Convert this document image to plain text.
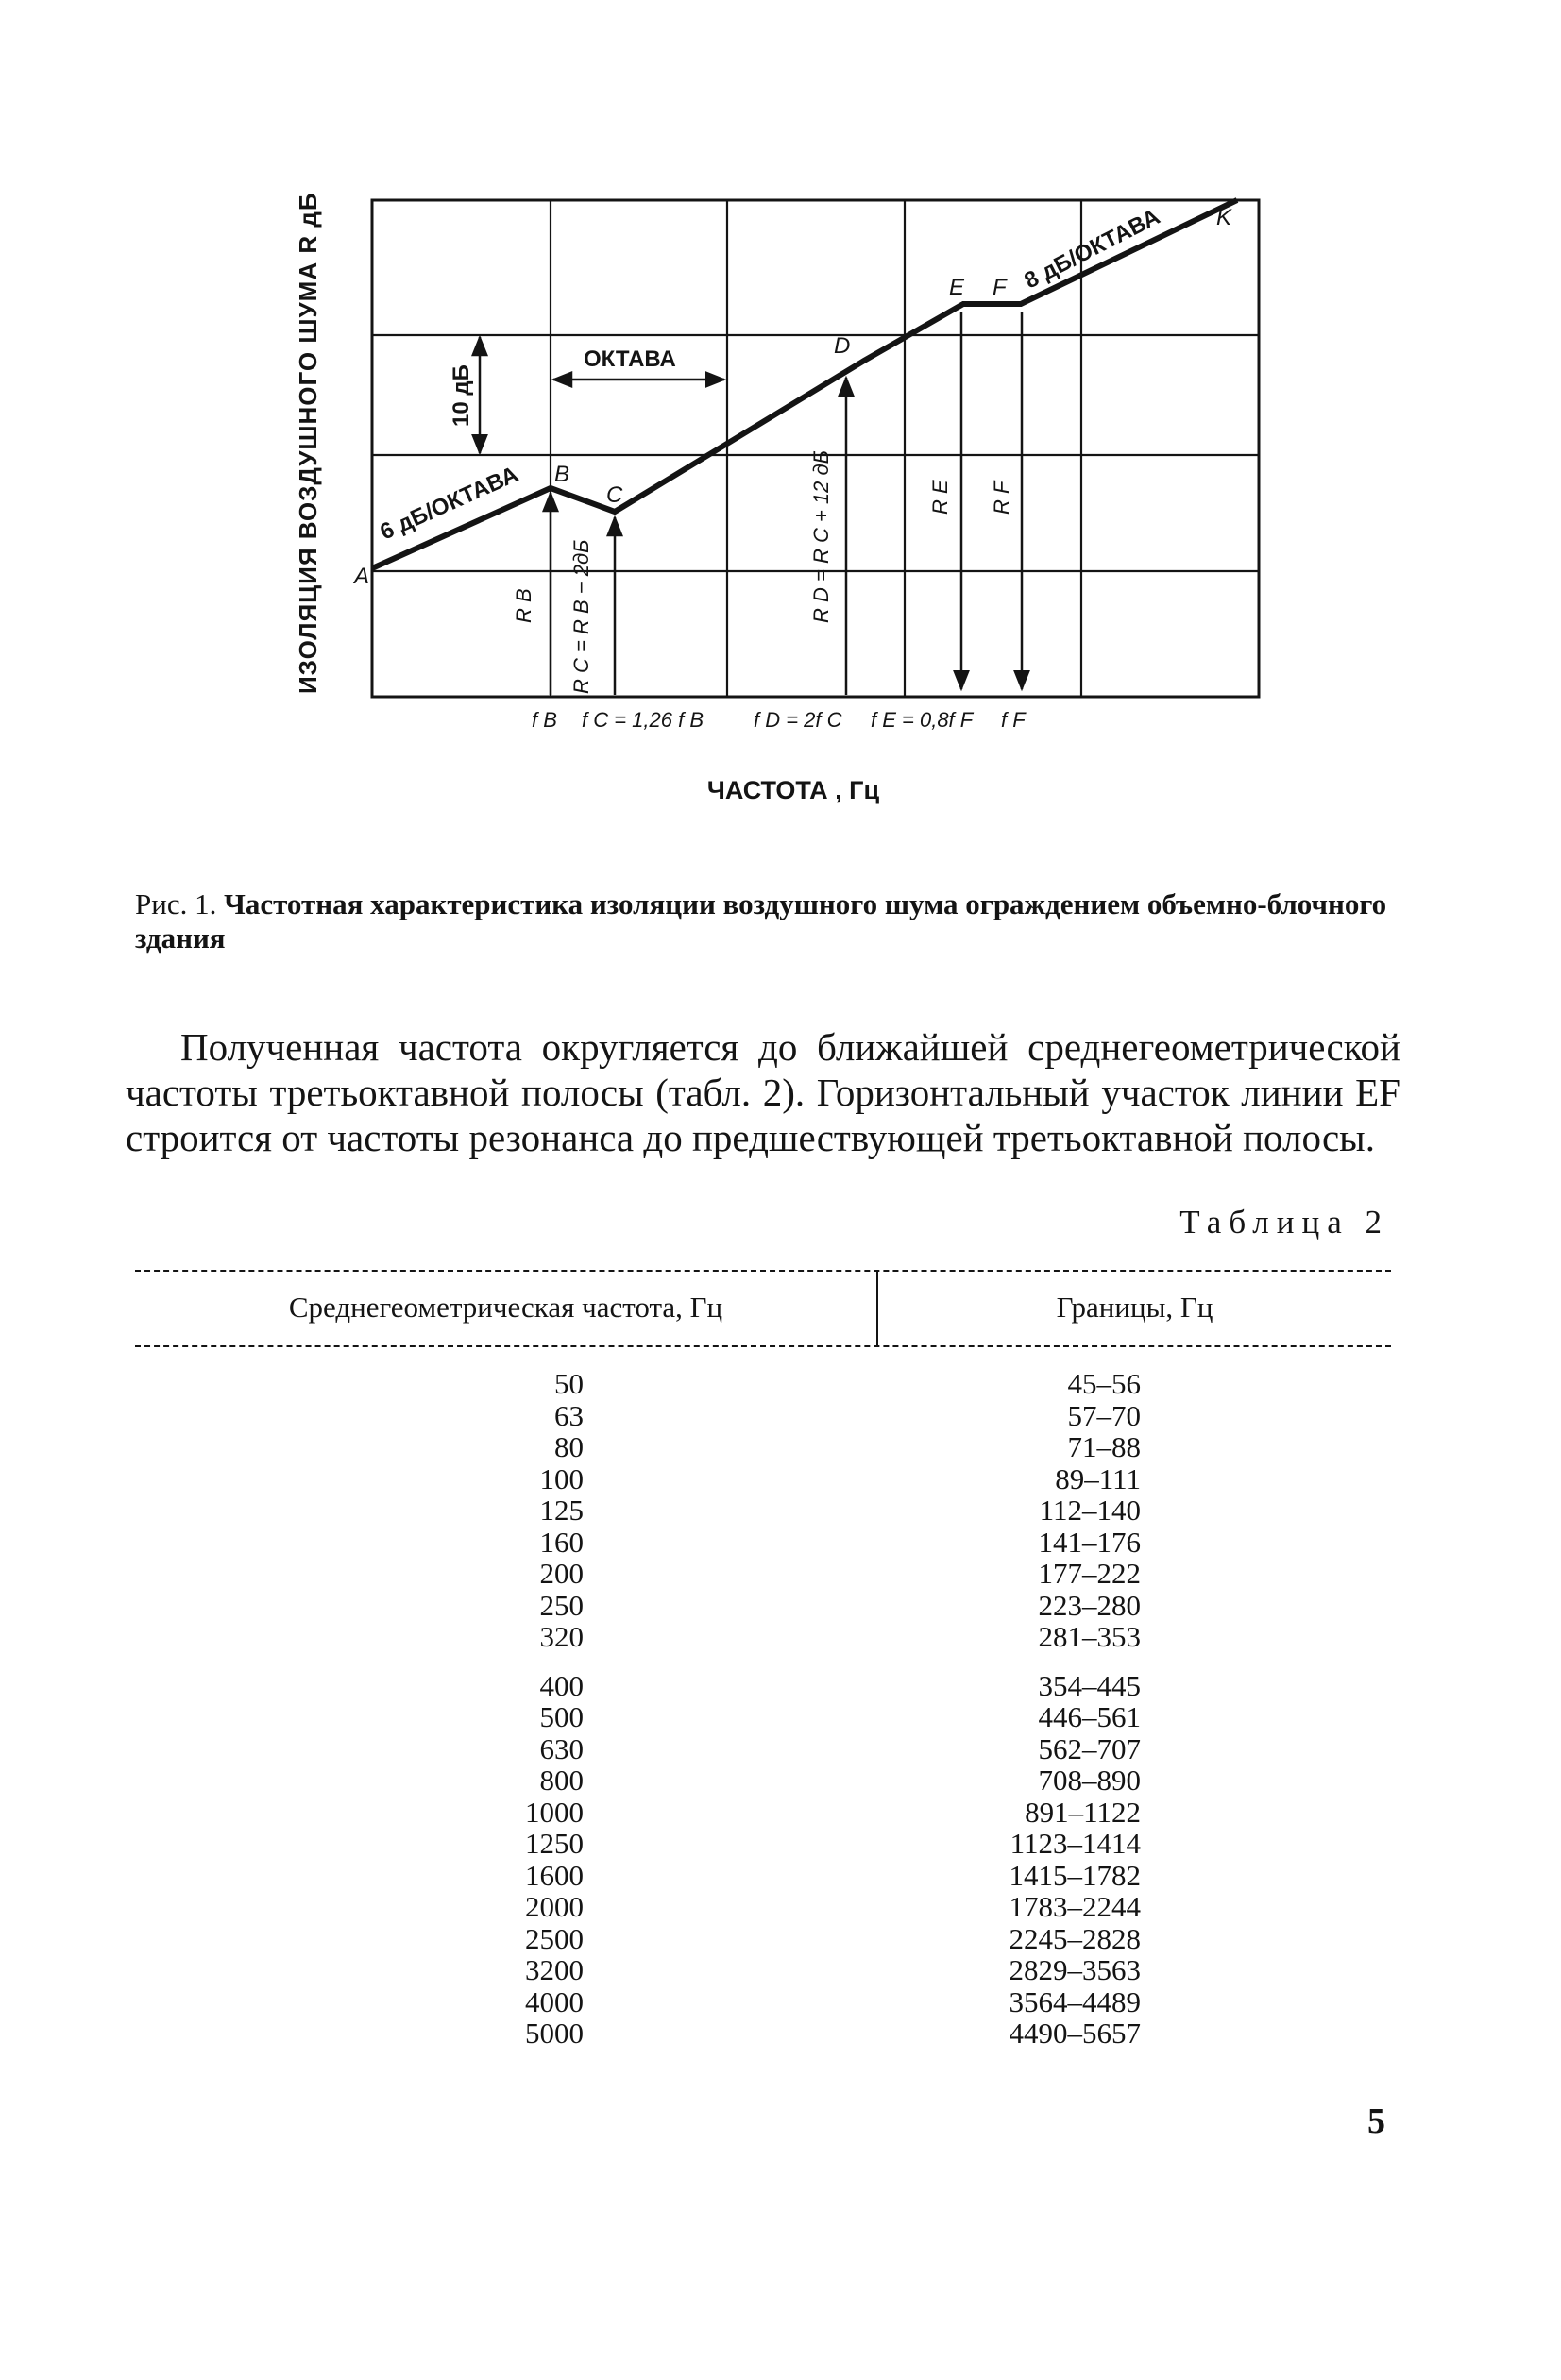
ИЗОЛЯЦИЯ ВОЗДУШНОГО ШУМА R дБ A
B
C
D
E F
K
6 дБ/ОКТАВА
8 дБ/ОКТАВА
ОКТАВА
10 дБ
R B R C = R B − 2дБ	R D = R C + 12 дБ	R E R F
f B f C = 1,26 f B f D = 2f C f E = 0,8f F f F
ЧАСТОТА , Гц
Рис. 1. Частотная характеристика изоляции воздушного шума ограждением объемно-блочного здания
Полученная частота округляется до ближайшей среднегеометрической частоты третьоктавной полосы (табл. 2). Горизонтальный участок линии EF строится от частоты резонанса до предшествующей третьоктавной полосы.
Таблица 2
Среднегеометрическая частота, Гц	Границы, Гц
50	45–56
63	57–70
80	71–88
100	89–111
125	112–140
160	141–176
200	177–222
250	223–280
320	281–353
400	354–445
500	446–561
630	562–707
800	708–890
1000	891–1122
1250	1123–1414
1600	1415–1782
2000	1783–2244
2500	2245–2828
3200	2829–3563
4000	3564–4489
5000	4490–5657
5
